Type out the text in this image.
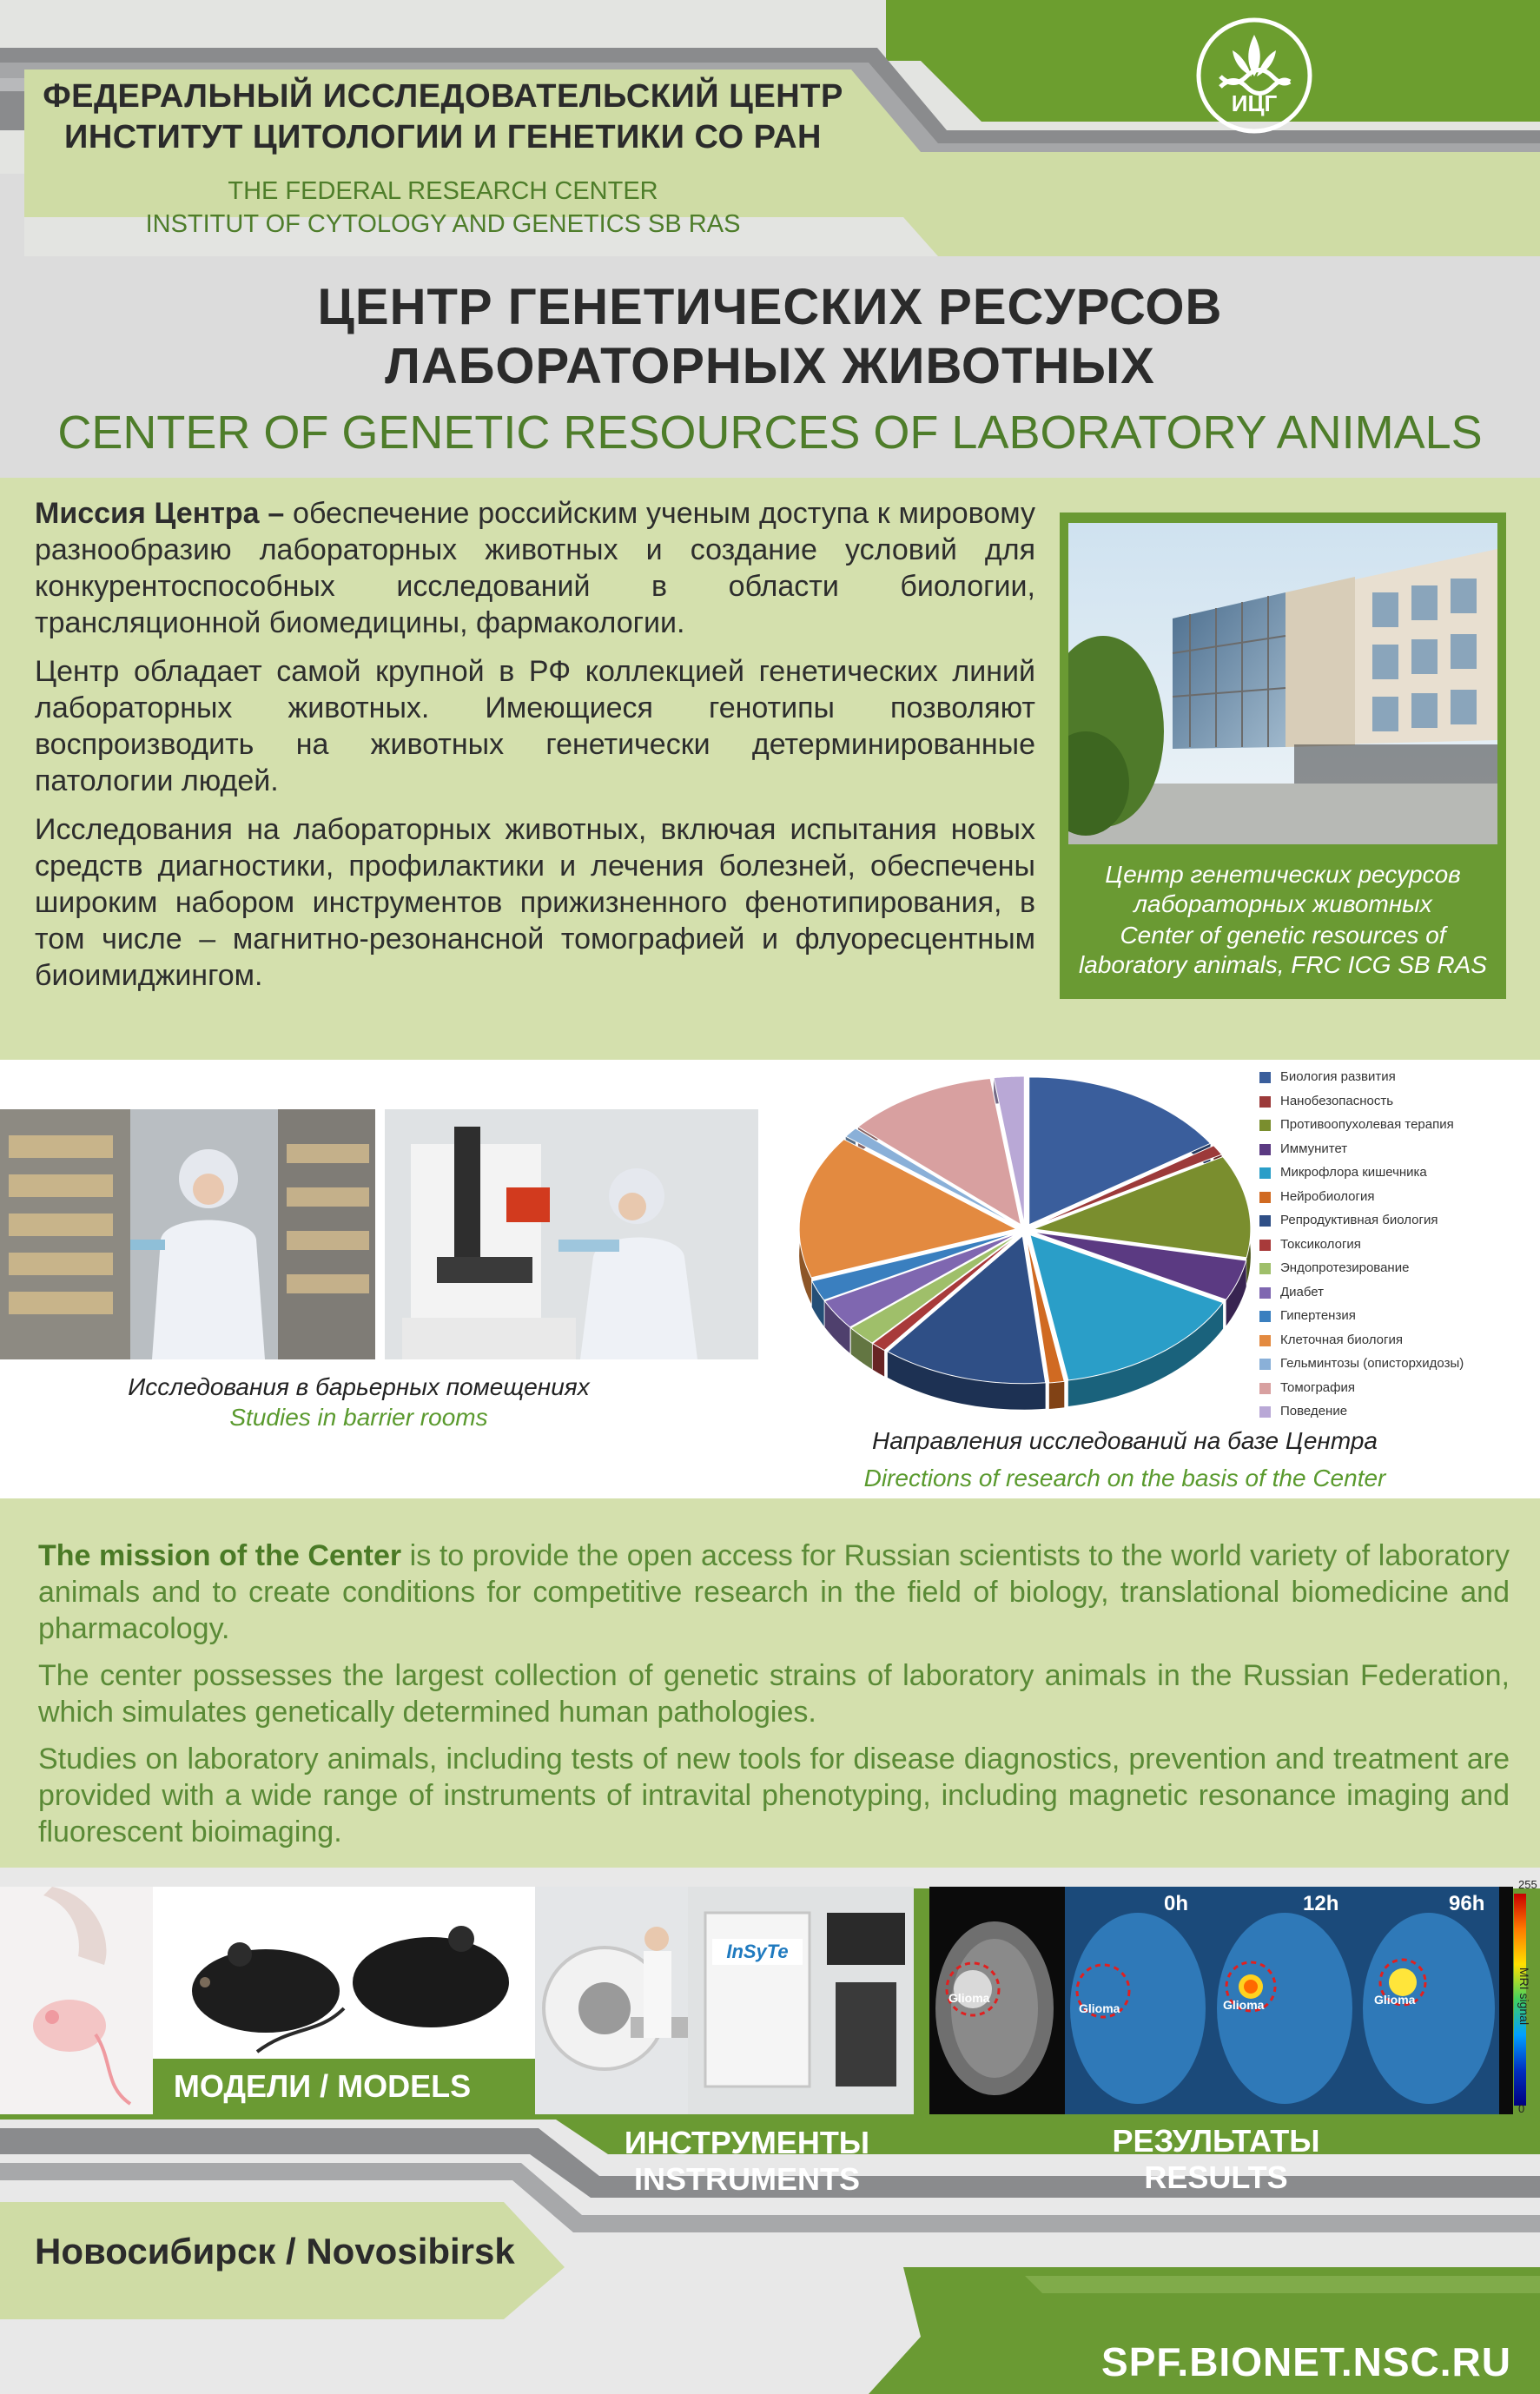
ИЦГ
ФЕДЕРАЛЬНЫЙ ИССЛЕДОВАТЕЛЬСКИЙ ЦЕНТР
ИНСТИТУТ ЦИТОЛОГИИ И ГЕНЕТИКИ СО РАН
THE FEDERAL RESEARCH CENTER
INSTITUT OF CYTOLOGY AND GENETICS SB RAS
ЦЕНТР ГЕНЕТИЧЕСКИХ РЕСУРСОВ
ЛАБОРАТОРНЫХ ЖИВОТНЫХ
CENTER OF GENETIC RESOURCES OF LABORATORY ANIMALS

Миссия Центра – обеспечение российским ученым доступа к мировому разнообразию лабораторных животных и создание условий для конкурентоспособных исследований в области биологии, трансляционной биомедицины, фармакологии.

Центр обладает самой крупной в РФ коллекцией генетических линий лабораторных животных. Имеющиеся генотипы позволяют воспроизводить на животных генетически детерминированные патологии людей.

Исследования на лабораторных животных, включая испытания новых средств диагностики, профилактики и лечения болезней, обеспечены широким набором инструментов прижизненного фенотипирования, в том числе – магнитно-резонансной томографией и флуоресцентным биоимиджингом.

Центр генетических ресурсов
лабораторных животных
Center of genetic resources of
laboratory animals, FRC ICG SB RAS
Исследования в барьерных помещениях
Studies in barrier rooms
Биология развития
Нанобезопасность
Противоопухолевая терапия
Иммунитет
Микрофлора кишечника
Нейробиология
Репродуктивная биология
Токсикология
Эндопротезирование
Диабет
Гипертензия
Клеточная биология
Гельминтозы (описторхидозы)
Томография
Поведение
Направления исследований на базе Центра
Directions of research on the basis of the Center

The mission of the Center is to provide the open access for Russian scientists to the world variety of laboratory animals and to create conditions for competitive research in the field of biology, translational biomedicine and pharmacology.

The center possesses the largest collection of genetic strains of laboratory animals in the Russian Federation, which simulates genetically determined human pathologies.

Studies on laboratory animals, including tests of new tools for disease diagnostics, prevention and treatment are provided with a wide range of instruments of intravital phenotyping, including magnetic resonance imaging and fluorescent bioimaging.

МОДЕЛИ / MODELS
InSyTe
0h	12h	96h
Glioma
Glioma	Glioma	Glioma
255
0
MRI signal
ИНСТРУМЕНТЫ
INSTRUMENTS
РЕЗУЛЬТАТЫ
RESULTS
Новосибирск / Novosibirsk
SPF.BIONET.NSC.RU
